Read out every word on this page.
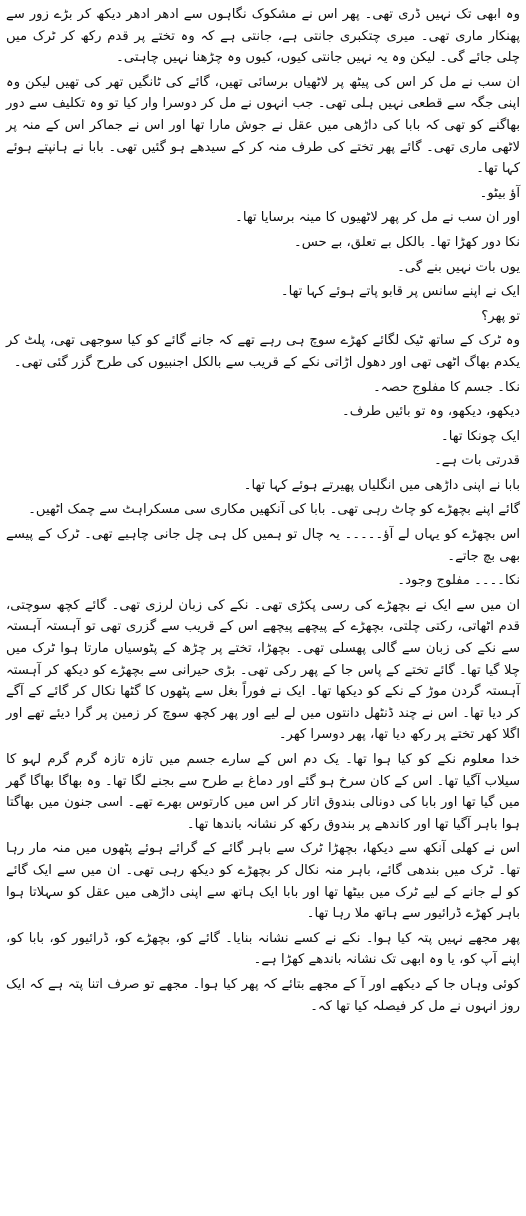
وہ ابھی تک نہیں ڈری تھی۔ پھر اس نے مشکوک نگاہوں سے ادھر ادھر دیکھ کر بڑے زور سے پھنکار ماری تھی۔ میری چتکبری جانتی ہے، جانتی ہے کہ وہ تختے پر قدم رکھ کر ٹرک میں چلی جائے گی۔ لیکن وہ یہ نہیں جانتی کیوں، کیوں وہ چڑھنا نہیں چاہتی۔

ان سب نے مل کر اس کی پیٹھ پر لاٹھیاں برسائی تھیں، گائے کی ٹانگیں تھر کی تھیں لیکن وہ اپنی جگہ سے قطعی نہیں ہلی تھی۔ جب انہوں نے مل کر دوسرا وار کیا تو وہ تکلیف سے دور بھاگنے کو تھی کہ بابا کی داڑھی میں عقل نے جوش مارا تھا اور اس نے جماکر اس کے منہ پر لاٹھی ماری تھی۔ گائے پھر تختے کی طرف منہ کر کے سیدھے ہو گئیں تھی۔ بابا نے ہانپتے ہوئے کہا تھا۔

آؤ بیٹو۔

اور ان سب نے مل کر پھر لاٹھیوں کا مینہ برسایا تھا۔

نکا دور کھڑا تھا۔ بالکل بے تعلق، بے حس۔

یوں بات نہیں بنے گی۔

ایک نے اپنے سانس پر قابو پاتے ہوئے کہا تھا۔

تو پھر؟

وہ ٹرک کے ساتھ ٹیک لگائے کھڑے سوچ ہی رہے تھے کہ جانے گائے کو کیا سوجھی تھی، پلٹ کر یکدم بھاگ اٹھی تھی اور دھول اڑاتی نکے کے قریب سے بالکل اجنبیوں کی طرح گزر گئی تھی۔

نکا۔ جسم کا مفلوج حصہ۔

دیکھو، دیکھو، وہ تو بائیں طرف۔

ایک چونکا تھا۔

قدرتی بات ہے۔

بابا نے اپنی داڑھی میں انگلیاں پھیرتے ہوئے کہا تھا۔

گائے اپنے بچھڑے کو چاٹ رہی تھی۔ بابا کی آنکھیں مکاری سی مسکراہٹ سے چمک اٹھیں۔

اس بچھڑے کو یہاں لے آؤ۔۔۔۔۔ یہ چال تو ہمیں کل ہی چل جانی چاہیے تھی۔ ٹرک کے پیسے بھی بچ جاتے۔

نکا۔۔۔۔ مفلوج وجود۔

ان میں سے ایک نے بچھڑے کی رسی پکڑی تھی۔ نکے کی زبان لرزی تھی۔ گائے کچھ سوچتی، قدم اٹھاتی، رکتی چلتی، بچھڑے کے پیچھے پیچھے اس کے قریب سے گزری تھی تو آہستہ آہستہ سے نکے کی زبان سے گالی پھسلی تھی۔ بچھڑا، تختے پر چڑھ کے پٹوسیاں مارتا ہوا ٹرک میں چلا گیا تھا۔ گائے تختے کے پاس جا کے پھر رکی تھی۔ بڑی حیرانی سے بچھڑے کو دیکھ کر آہستہ آہستہ گردن موڑ کے نکے کو دیکھا تھا۔ ایک نے فوراً بغل سے پٹھوں کا گٹھا نکال کر گائے کے آگے کر دیا تھا۔ اس نے چند ڈنٹھل دانتوں میں لے لیے اور پھر کچھ سوچ کر زمین پر گرا دیئے تھے اور اگلا کھر تختے پر رکھ دیا تھا، پھر دوسرا کھر۔

خدا معلوم نکے کو کیا ہوا تھا۔ یک دم اس کے سارے جسم میں تازہ تازہ گرم گرم لہو کا سیلاب آگیا تھا۔ اس کے کان سرخ ہو گئے اور دماغ بے طرح سے بجنے لگا تھا۔ وہ بھاگا بھاگا گھر میں گیا تھا اور بابا کی دونالی بندوق اتار کر اس میں کارتوس بھرے تھے۔ اسی جنون میں بھاگتا ہوا باہر آگیا تھا اور کاندھے پر بندوق رکھ کر نشانہ باندھا تھا۔

اس نے کھلی آنکھ سے دیکھا، بچھڑا ٹرک سے باہر گائے کے گرائے ہوئے پٹھوں میں منہ مار رہا تھا۔ ٹرک میں بندھی گائے، باہر منہ نکال کر بچھڑے کو دیکھ رہی تھی۔ ان میں سے ایک گائے کو لے جانے کے لیے ٹرک میں بیٹھا تھا اور بابا ایک ہاتھ سے اپنی داڑھی میں عقل کو سہلاتا ہوا باہر کھڑے ڈرائیور سے ہاتھ ملا رہا تھا۔

پھر مجھے نہیں پتہ کیا ہوا۔ نکے نے کسے نشانہ بنایا۔ گائے کو، بچھڑے کو، ڈرائیور کو، بابا کو، اپنے آپ کو، یا وہ ابھی تک نشانہ باندھے کھڑا ہے۔

کوئی وہاں جا کے دیکھے اور آ کے مجھے بتائے کہ پھر کیا ہوا۔ مجھے تو صرف اتنا پتہ ہے کہ ایک روز انہوں نے مل کر فیصلہ کیا تھا کہ۔
